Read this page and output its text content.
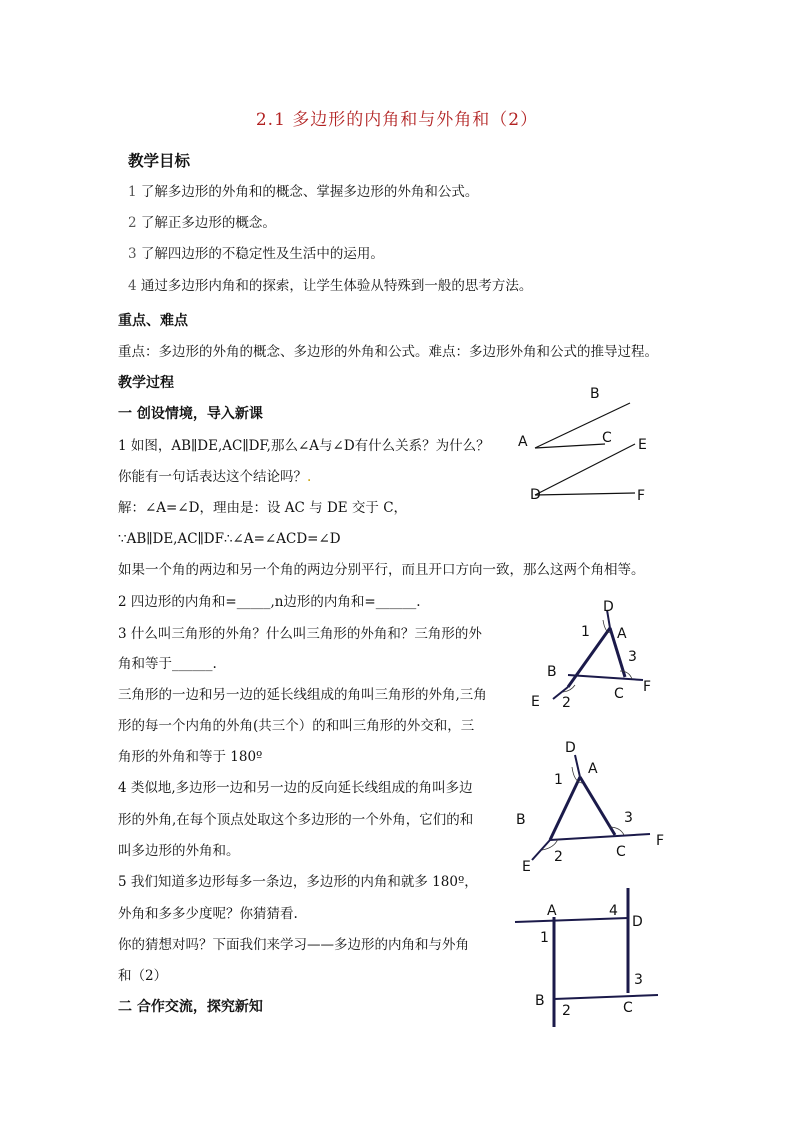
2.1 多边形的内角和与外角和（2）
教学目标
1 了解多边形的外角和的概念、掌握多边形的外角和公式。
2 了解正多边形的概念。
3 了解四边形的不稳定性及生活中的运用。
4 通过多边形内角和的探索，让学生体验从特殊到一般的思考方法。
重点、难点
重点：多边形的外角的概念、多边形的外角和公式。难点：多边形外角和公式的推导过程。
教学过程
一 创设情境，导入新课
1 如图，AB∥DE,AC∥DF,那么∠A与∠D有什么关系？为什么？
你能有一句话表达这个结论吗？.
解：∠A=∠D，理由是：设 AC 与 DE 交于 C，
∵AB∥DE,AC∥DF∴∠A=∠ACD=∠D
如果一个角的两边和另一个角的两边分别平行，而且开口方向一致，那么这两个角相等。
2 四边形的内角和=_____,n边形的内角和=______.
3 什么叫三角形的外角？什么叫三角形的外角和？三角形的外
角和等于______.
三角形的一边和另一边的延长线组成的角叫三角形的外角,三角
形的每一个内角的外角(共三个）的和叫三角形的外交和，三
角形的外角和等于 180º
4 类似地,多边形一边和另一边的反向延长线组成的角叫多边
形的外角,在每个顶点处取这个多边形的一个外角，它们的和
叫多边形的外角和。
5 我们知道多边形每多一条边，多边形的内角和就多 180º，
外角和多多少度呢？你猜猜看.
你的猜想对吗？下面我们来学习——多边形的内角和与外角
和（2）
二 合作交流，探究新知
B
A	C E
D	F
D
A
1
3
B
F
C
2
E
D
A
1
3
B
F
C
2
E
A	4
D
1
3
B	C
2
